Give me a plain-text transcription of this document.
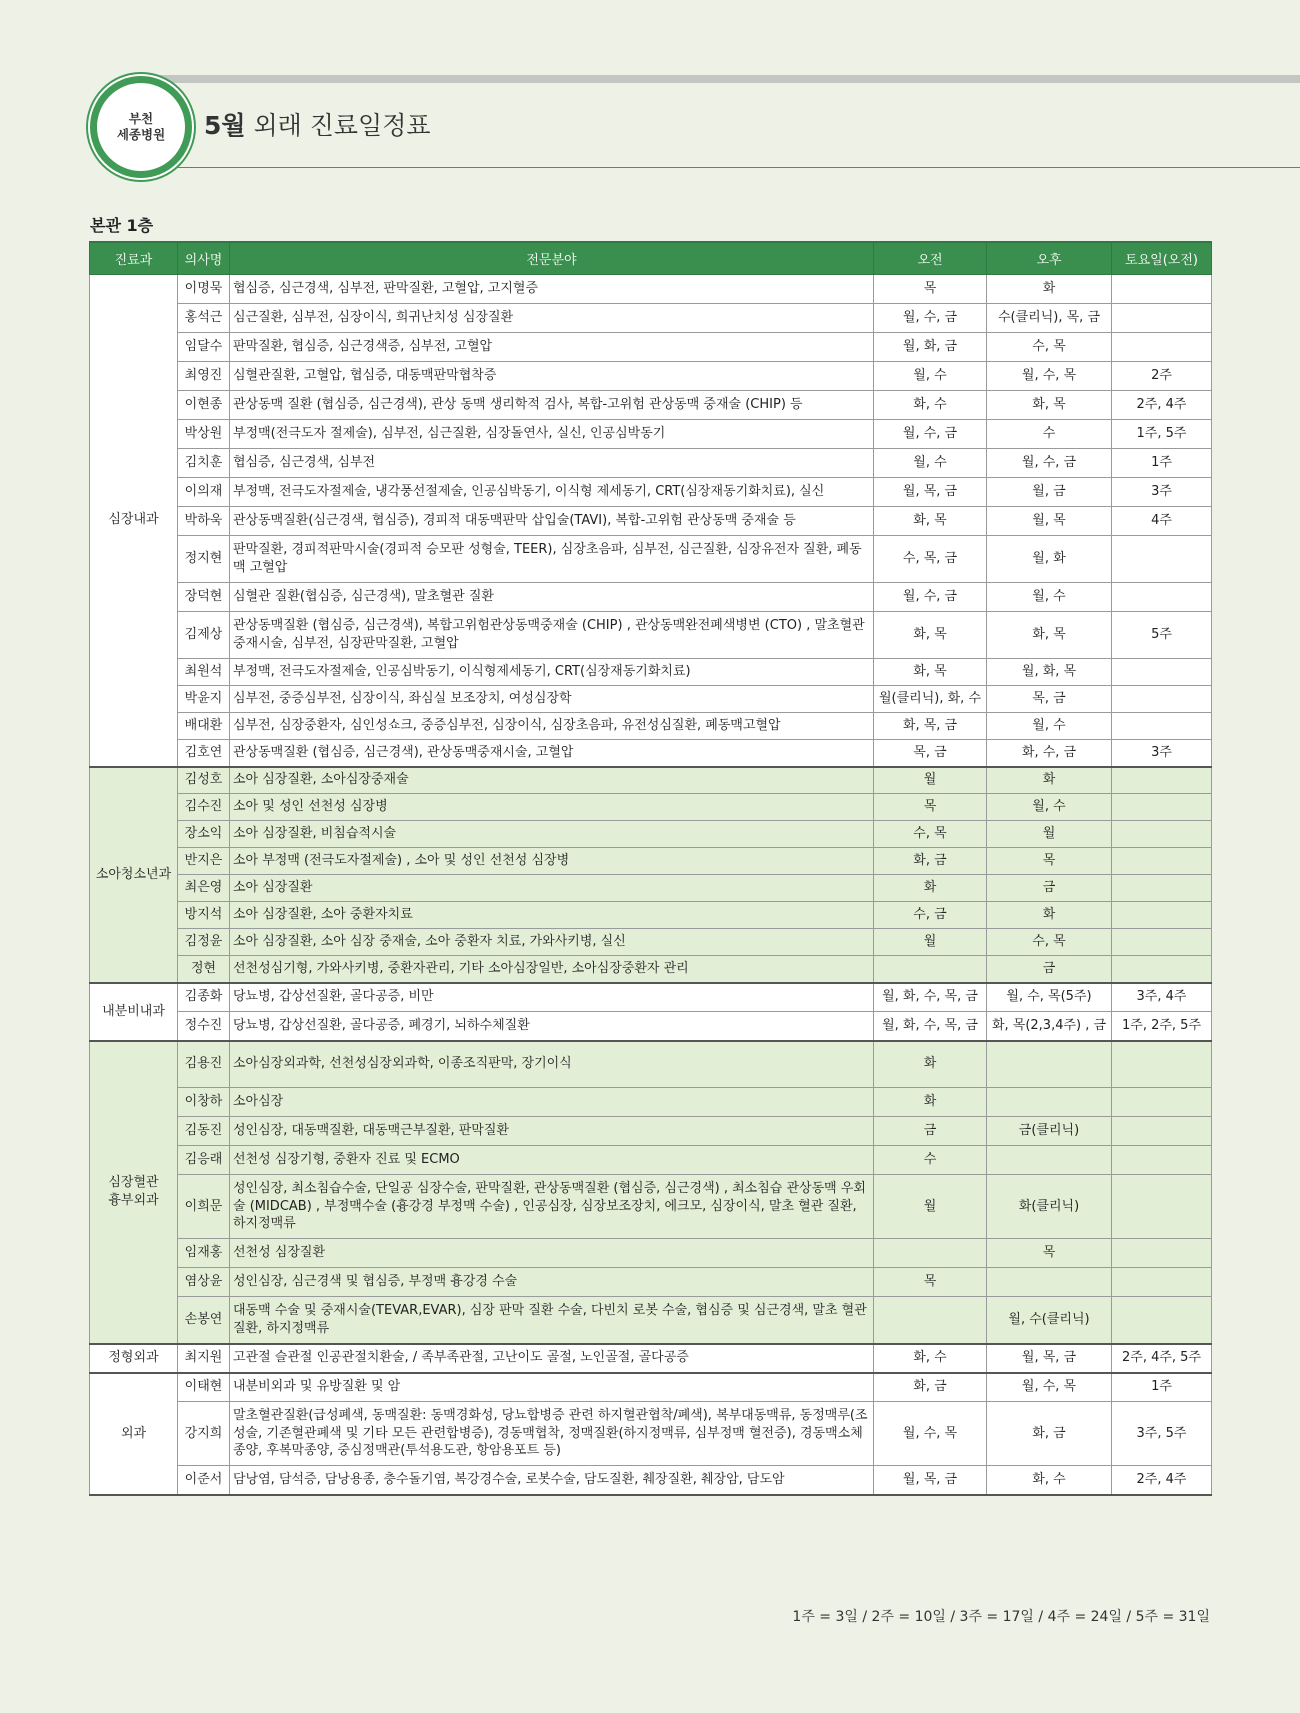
부천
세종병원 5월 외래 진료일정표
본관 1층
진료과	의사명	전문분야	오전	오후	토요일(오전)
심장내과	이명묵	협심증, 심근경색, 심부전, 판막질환, 고혈압, 고지혈증	목	화	
	홍석근	심근질환, 심부전, 심장이식, 희귀난치성 심장질환	월, 수, 금	수(클리닉), 목, 금	
	임달수	판막질환, 협심증, 심근경색증, 심부전, 고혈압	월, 화, 금	수, 목	
	최영진	심혈관질환, 고혈압, 협심증, 대동맥판막협착증	월, 수	월, 수, 목	2주
	이현종	관상동맥 질환 (협심증, 심근경색), 관상 동맥 생리학적 검사, 복합-고위험 관상동맥 중재술 (CHIP) 등	화, 수	화, 목	2주, 4주
	박상원	부정맥(전극도자 절제술), 심부전, 심근질환, 심장돌연사, 실신, 인공심박동기	월, 수, 금	수	1주, 5주
	김치훈	협심증, 심근경색, 심부전	월, 수	월, 수, 금	1주
	이의재	부정맥, 전극도자절제술, 냉각풍선절제술, 인공심박동기, 이식형 제세동기, CRT(심장재동기화치료), 실신	월, 목, 금	월, 금	3주
	박하욱	관상동맥질환(심근경색, 협심증), 경피적 대동맥판막 삽입술(TAVI), 복합-고위험 관상동맥 중재술 등	화, 목	월, 목	4주
	정지현	판막질환, 경피적판막시술(경피적 승모판 성형술, TEER), 심장초음파, 심부전, 심근질환, 심장유전자 질환, 폐동맥 고혈압	수, 목, 금	월, 화	
	장덕현	심혈관 질환(협심증, 심근경색), 말초혈관 질환	월, 수, 금	월, 수	
	김제상	관상동맥질환 (협심증, 심근경색), 복합고위험관상동맥중재술 (CHIP) , 관상동맥완전폐색병변 (CTO) , 말초혈관중재시술, 심부전, 심장판막질환, 고혈압	화, 목	화, 목	5주
	최원석	부정맥, 전극도자절제술, 인공심박동기, 이식형제세동기, CRT(심장재동기화치료)	화, 목	월, 화, 목	
	박윤지	심부전, 중증심부전, 심장이식, 좌심실 보조장치, 여성심장학	월(클리닉), 화, 수	목, 금	
	배대환	심부전, 심장중환자, 심인성쇼크, 중증심부전, 심장이식, 심장초음파, 유전성심질환, 폐동맥고혈압	화, 목, 금	월, 수	
	김호연	관상동맥질환 (협심증, 심근경색), 관상동맥중재시술, 고혈압	목, 금	화, 수, 금	3주
소아청소년과	김성호	소아 심장질환, 소아심장중재술	월	화	
	김수진	소아 및 성인 선천성 심장병	목	월, 수	
	장소익	소아 심장질환, 비침습적시술	수, 목	월	
	반지은	소아 부정맥 (전극도자절제술) , 소아 및 성인 선천성 심장병	화, 금	목	
	최은영	소아 심장질환	화	금	
	방지석	소아 심장질환, 소아 중환자치료	수, 금	화	
	김정윤	소아 심장질환, 소아 심장 중재술, 소아 중환자 치료, 가와사키병, 실신	월	수, 목	
	정현	선천성심기형, 가와사키병, 중환자관리, 기타 소아심장일반, 소아심장중환자 관리		금	
내분비내과	김종화	당뇨병, 갑상선질환, 골다공증, 비만	월, 화, 수, 목, 금	월, 수, 목(5주)	3주, 4주
	정수진	당뇨병, 갑상선질환, 골다공증, 폐경기, 뇌하수체질환	월, 화, 수, 목, 금	화, 목(2,3,4주) , 금	1주, 2주, 5주

심장혈관
흉부외과	김용진	소아심장외과학, 선천성심장외과학, 이종조직판막, 장기이식	화		
	이창하	소아심장	화		
	김동진	성인심장, 대동맥질환, 대동맥근부질환, 판막질환	금	금(클리닉)	
	김응래	선천성 심장기형, 중환자 진료 및 ECMO	수		
	이희문	성인심장, 최소침습수술, 단일공 심장수술, 판막질환, 관상동맥질환 (협심증, 심근경색) , 최소침습 관상동맥 우회술 (MIDCAB) , 부정맥수술 (흉강경 부정맥 수술) , 인공심장, 심장보조장치, 에크모, 심장이식, 말초 혈관 질환, 하지정맥류	월	화(클리닉)	
	임재홍	선천성 심장질환		목	
	염상윤	성인심장, 심근경색 및 협심증, 부정맥 흉강경 수술	목		
	손봉연	대동맥 수술 및 중재시술(TEVAR,EVAR), 심장 판막 질환 수술, 다빈치 로봇 수술, 협심증 및 심근경색, 말초 혈관 질환, 하지정맥류		월, 수(클리닉)	
정형외과	최지원	고관절 슬관절 인공관절치환술, / 족부족관절, 고난이도 골절, 노인골절, 골다공증	화, 수	월, 목, 금	2주, 4주, 5주
외과	이태현	내분비외과 및 유방질환 및 암	화, 금	월, 수, 목	1주
	강지희	말초혈관질환(급성폐색, 동맥질환: 동맥경화성, 당뇨합병증 관련 하지혈관협착/폐색), 복부대동맥류, 동정맥루(조성술, 기존혈관폐색 및 기타 모든 관련합병증), 경동맥협착, 정맥질환(하지정맥류, 심부정맥 혈전증), 경동맥소체종양, 후복막종양, 중심정맥관(투석용도관, 항암용포트 등)	월, 수, 목	화, 금	3주, 5주
	이준서	담낭염, 담석증, 담낭용종, 충수돌기염, 복강경수술, 로봇수술, 담도질환, 췌장질환, 췌장암, 담도암	월, 목, 금	화, 수	2주, 4주
1주 = 3일 / 2주 = 10일 / 3주 = 17일 / 4주 = 24일 / 5주 = 31일
